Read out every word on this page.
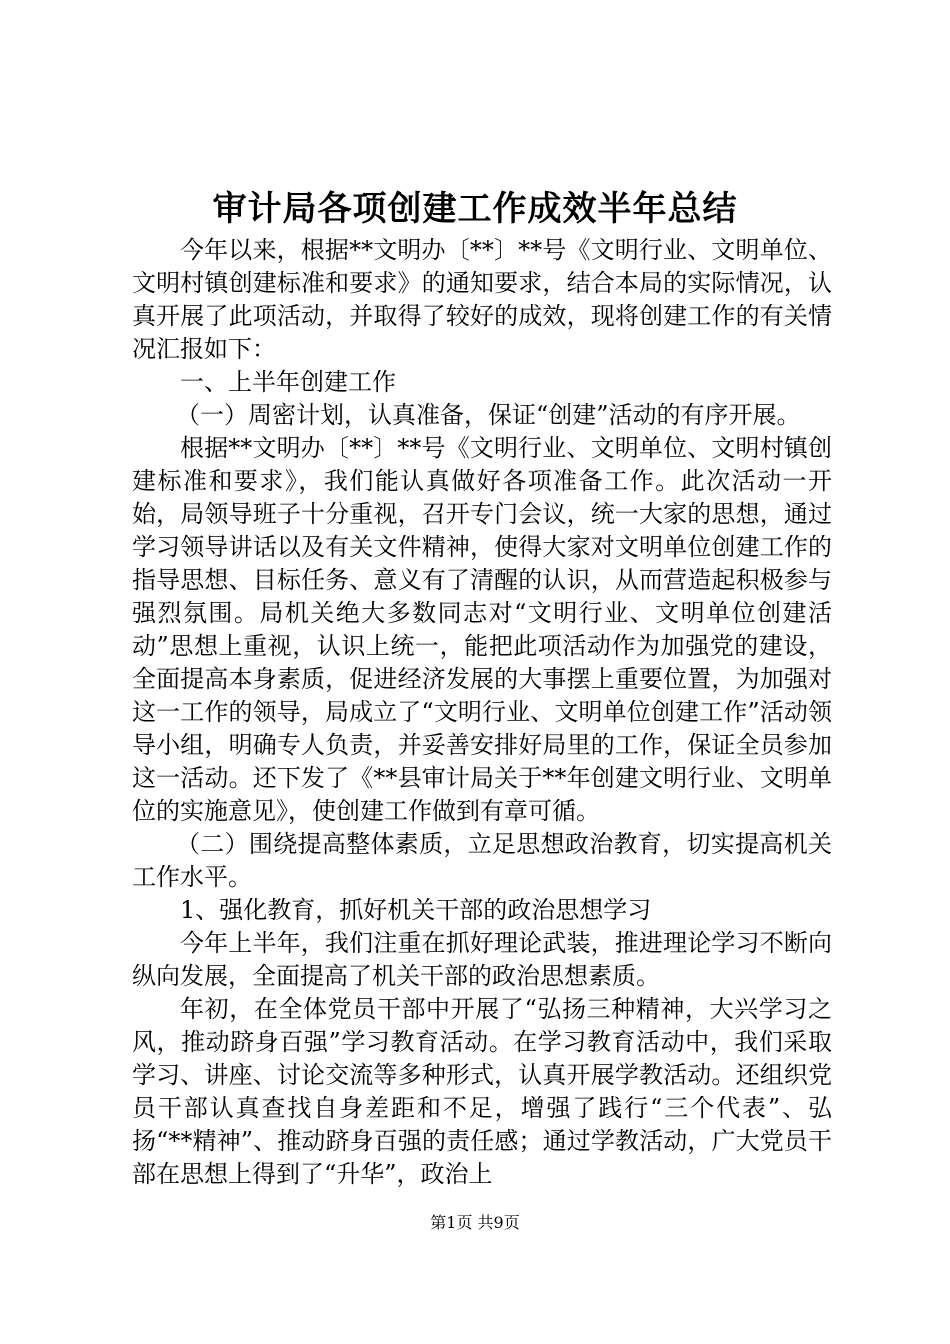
审计局各项创建工作成效半年总结

今年以来，根据**文明办〔**〕**号《文明行业、文明单位、文明村镇创建标准和要求》的通知要求，结合本局的实际情况，认真开展了此项活动，并取得了较好的成效，现将创建工作的有关情况汇报如下：

一、上半年创建工作

（一）周密计划，认真准备，保证“创建”活动的有序开展。

根据**文明办〔**〕**号《文明行业、文明单位、文明村镇创建标准和要求》，我们能认真做好各项准备工作。此次活动一开始，局领导班子十分重视，召开专门会议，统一大家的思想，通过学习领导讲话以及有关文件精神，使得大家对文明单位创建工作的指导思想、目标任务、意义有了清醒的认识，从而营造起积极参与强烈氛围。局机关绝大多数同志对“文明行业、文明单位创建活动”思想上重视，认识上统一，能把此项活动作为加强党的建设，全面提高本身素质，促进经济发展的大事摆上重要位置，为加强对这一工作的领导，局成立了“文明行业、文明单位创建工作”活动领导小组，明确专人负责，并妥善安排好局里的工作，保证全员参加这一活动。还下发了《**县审计局关于**年创建文明行业、文明单位的实施意见》，使创建工作做到有章可循。

（二）围绕提高整体素质，立足思想政治教育，切实提高机关工作水平。

1、强化教育，抓好机关干部的政治思想学习

今年上半年，我们注重在抓好理论武装，推进理论学习不断向纵向发展，全面提高了机关干部的政治思想素质。

年初，在全体党员干部中开展了“弘扬三种精神，大兴学习之风，推动跻身百强”学习教育活动。在学习教育活动中，我们采取学习、讲座、讨论交流等多种形式，认真开展学教活动。还组织党员干部认真查找自身差距和不足，增强了践行“三个代表”、弘扬“**精神”、推动跻身百强的责任感；通过学教活动，广大党员干部在思想上得到了“升华”，政治上

第1页 共9页
